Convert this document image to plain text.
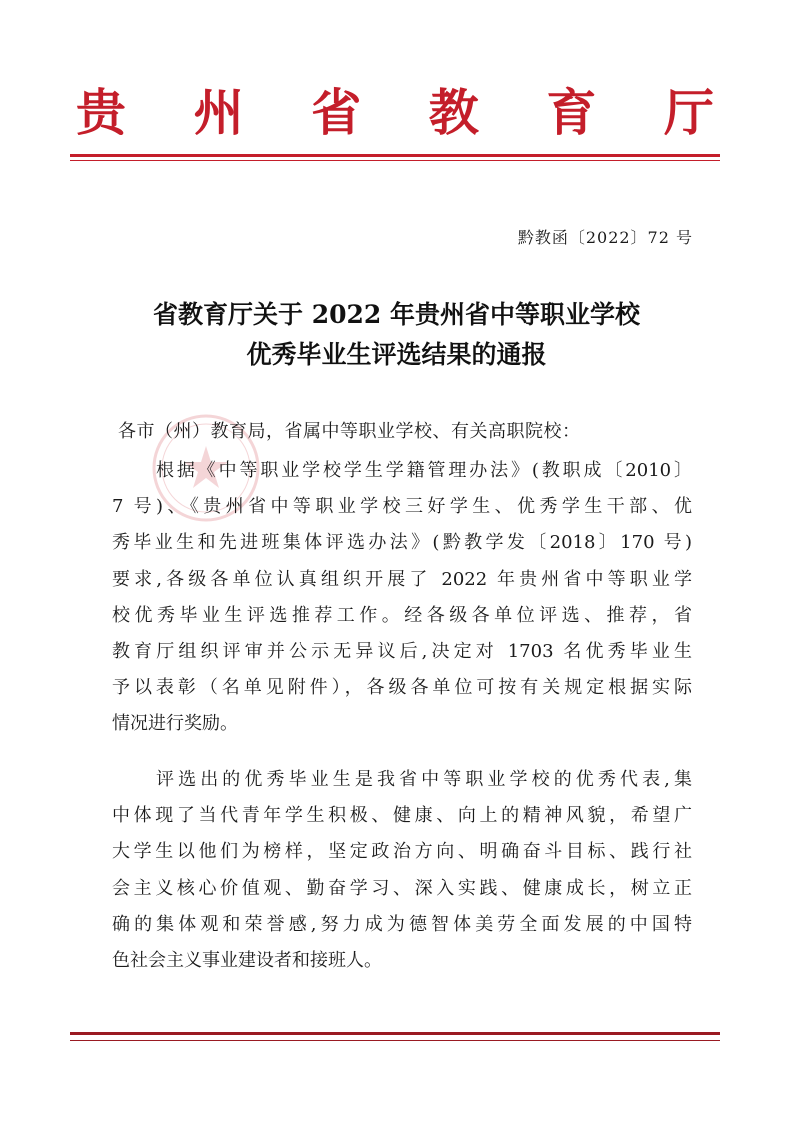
贵 州 省 教 育 厅
黔教函〔2022〕72 号
省教育厅关于 2022 年贵州省中等职业学校
优秀毕业生评选结果的通报
各市（州）教育局，省属中等职业学校、有关高职院校：
根据《中等职业学校学生学籍管理办法》(教职成〔2010〕
7 号)、《贵州省中等职业学校三好学生、优秀学生干部、优
秀毕业生和先进班集体评选办法》(黔教学发〔2018〕170 号)
要求,各级各单位认真组织开展了 2022 年贵州省中等职业学
校优秀毕业生评选推荐工作。经各级各单位评选、推荐，省
教育厅组织评审并公示无异议后,决定对 1703 名优秀毕业生
予以表彰（名单见附件），各级各单位可按有关规定根据实际
情况进行奖励。
评选出的优秀毕业生是我省中等职业学校的优秀代表,集
中体现了当代青年学生积极、健康、向上的精神风貌，希望广
大学生以他们为榜样，坚定政治方向、明确奋斗目标、践行社
会主义核心价值观、勤奋学习、深入实践、健康成长，树立正
确的集体观和荣誉感,努力成为德智体美劳全面发展的中国特
色社会主义事业建设者和接班人。
